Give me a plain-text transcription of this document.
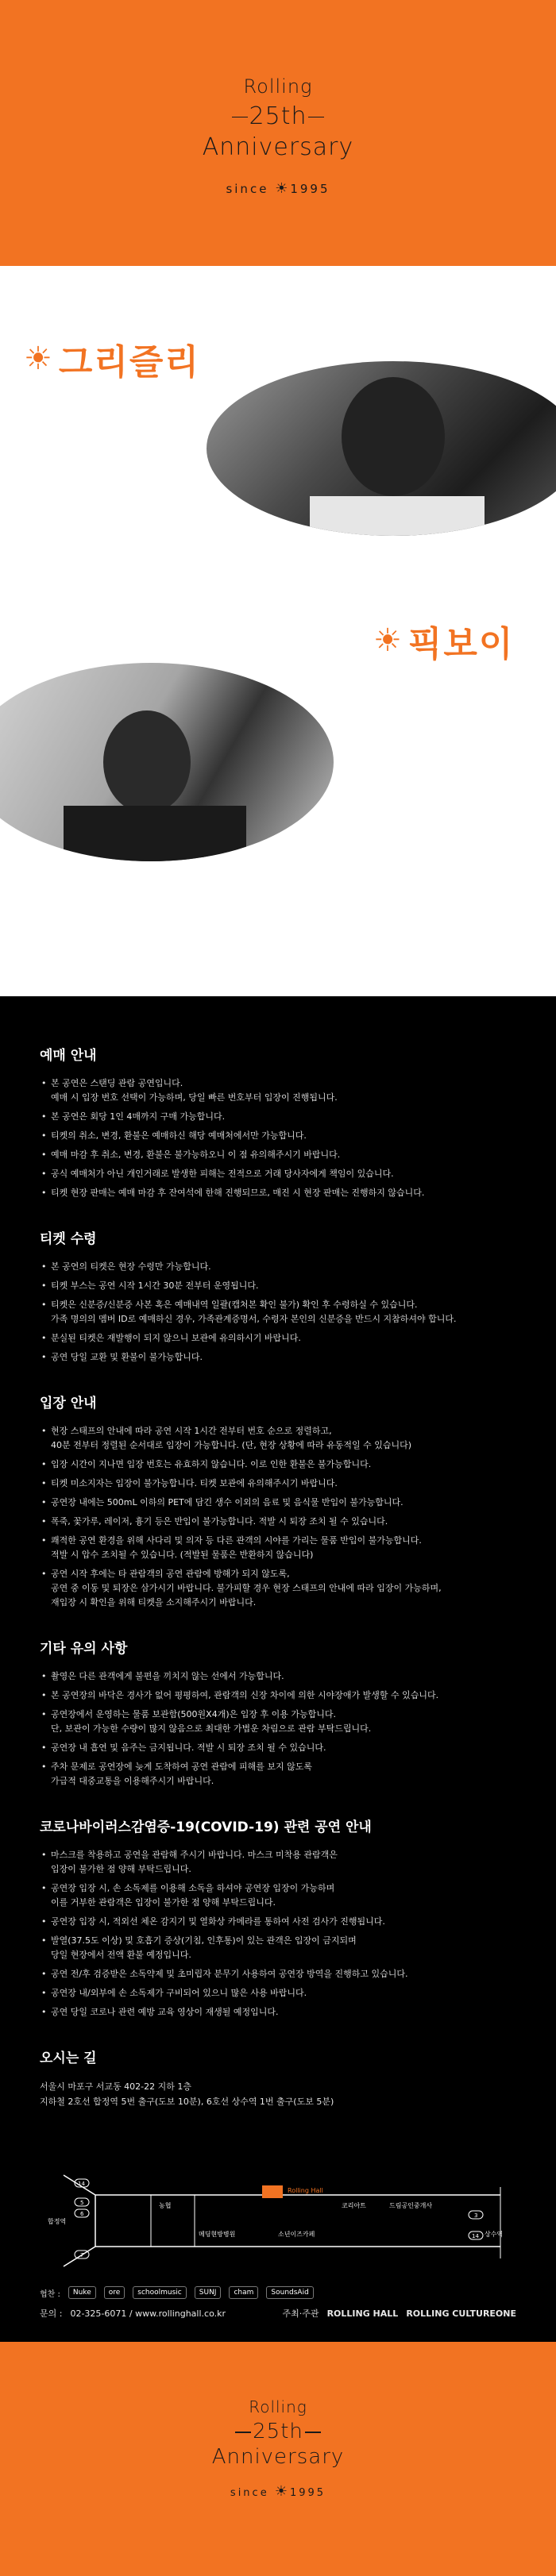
Rolling
25th
Anniversary
since ☀1995
☀ 그리즐리
☀ 픽보이
예매 안내
• 본 공연은 스탠딩 관람 공연입니다.
예매 시 입장 번호 선택이 가능하며, 당일 빠른 번호부터 입장이 진행됩니다.
• 본 공연은 회당 1인 4매까지 구매 가능합니다.
• 티켓의 취소, 변경, 환불은 예매하신 해당 예매처에서만 가능합니다.
• 예매 마감 후 취소, 변경, 환불은 불가능하오니 이 점 유의해주시기 바랍니다.
• 공식 예매처가 아닌 개인거래로 발생한 피해는 전적으로 거래 당사자에게 책임이 있습니다.
• 티켓 현장 판매는 예매 마감 후 잔여석에 한해 진행되므로, 매진 시 현장 판매는 진행하지 않습니다.
티켓 수령
• 본 공연의 티켓은 현장 수령만 가능합니다.
• 티켓 부스는 공연 시작 1시간 30분 전부터 운영됩니다.
• 티켓은 신분증/신분증 사본 혹은 예매내역 일괄(캡처본 확인 불가) 확인 후 수령하실 수 있습니다.
가족 명의의 멤버 ID로 예매하신 경우, 가족관계증명서, 수령자 본인의 신분증을 반드시 지참하셔야 합니다.
• 분실된 티켓은 재발행이 되지 않으니 보관에 유의하시기 바랍니다.
• 공연 당일 교환 및 환불이 불가능합니다.
입장 안내
• 현장 스태프의 안내에 따라 공연 시작 1시간 전부터 번호 순으로 정렬하고,
40분 전부터 정렬된 순서대로 입장이 가능합니다. (단, 현장 상황에 따라 유동적일 수 있습니다)
• 입장 시간이 지나면 입장 번호는 유효하지 않습니다. 이로 인한 환불은 불가능합니다.
• 티켓 미소지자는 입장이 불가능합니다. 티켓 보관에 유의해주시기 바랍니다.
• 공연장 내에는 500mL 이하의 PET에 담긴 생수 이외의 음료 및 음식물 반입이 불가능합니다.
• 폭죽, 꽃가루, 레이저, 흉기 등은 반입이 불가능합니다. 적발 시 퇴장 조치 될 수 있습니다.
• 쾌적한 공연 환경을 위해 사다리 및 의자 등 다른 관객의 시야를 가리는 물품 반입이 불가능합니다.
적발 시 압수 조치될 수 있습니다. (적발된 물품은 반환하지 않습니다)
• 공연 시작 후에는 타 관람객의 공연 관람에 방해가 되지 않도록,
공연 중 이동 및 퇴장은 삼가시기 바랍니다. 불가피할 경우 현장 스태프의 안내에 따라 입장이 가능하며,
재입장 시 확인을 위해 티켓을 소지해주시기 바랍니다.
기타 유의 사항
• 촬영은 다른 관객에게 불편을 끼치지 않는 선에서 가능합니다.
• 본 공연장의 바닥은 경사가 없어 평평하여, 관람객의 신장 차이에 의한 시야장애가 발생할 수 있습니다.
• 공연장에서 운영하는 물품 보관함(500원X4개)은 입장 후 이용 가능합니다.
단, 보관이 가능한 수량이 많지 않음으로 최대한 가볍운 차림으로 관람 부탁드립니다.
• 공연장 내 흡연 및 음주는 금지됩니다. 적발 시 퇴장 조치 될 수 있습니다.
• 주차 문제로 공연장에 늦게 도착하여 공연 관람에 피해를 보지 않도록
가급적 대중교통을 이용해주시기 바랍니다.
코로나바이러스감염증-19(COVID-19) 관련 공연 안내
• 마스크를 착용하고 공연을 관람해 주시기 바랍니다. 마스크 미착용 관람객은
입장이 불가한 점 양해 부탁드립니다.
• 공연장 입장 시, 손 소독제를 이용해 소독을 하셔야 공연장 입장이 가능하며
이를 거부한 관람객은 입장이 불가한 점 양해 부탁드립니다.
• 공연장 입장 시, 적외선 체온 감지기 및 열화상 카메라를 통하여 사전 검사가 진행됩니다.
• 발열(37.5도 이상) 및 호흡기 증상(기침, 인후통)이 있는 관객은 입장이 금지되며
당일 현장에서 전액 환불 예정입니다.
• 공연 전/후 검증받은 소독약제 및 초미립자 분무기 사용하여 공연장 방역을 진행하고 있습니다.
• 공연장 내/외부에 손 소독제가 구비되어 있으니 많은 사용 바랍니다.
• 공연 당일 코로나 관련 예방 교육 영상이 재생될 예정입니다.
오시는 길
서울시 마포구 서교동 402-22 지하 1층
지하철 2호선 합정역 5번 출구(도보 10분), 6호선 상수역 1번 출구(도보 5분)
Rolling Hall
합정역
농협
메딩현방병원	소년이즈카페
코리아트	드림공인중개사
상수역
14
5
6
7
3
14
협찬 :	Nuke	ore	schoolmusic	SUNJ	cham	SoundsAid
문의 : 02-325-6071 / www.rollinghall.co.kr	주최·주관 ROLLING HALL ROLLING CULTUREONE
Rolling
25th
Anniversary
since ☀1995
